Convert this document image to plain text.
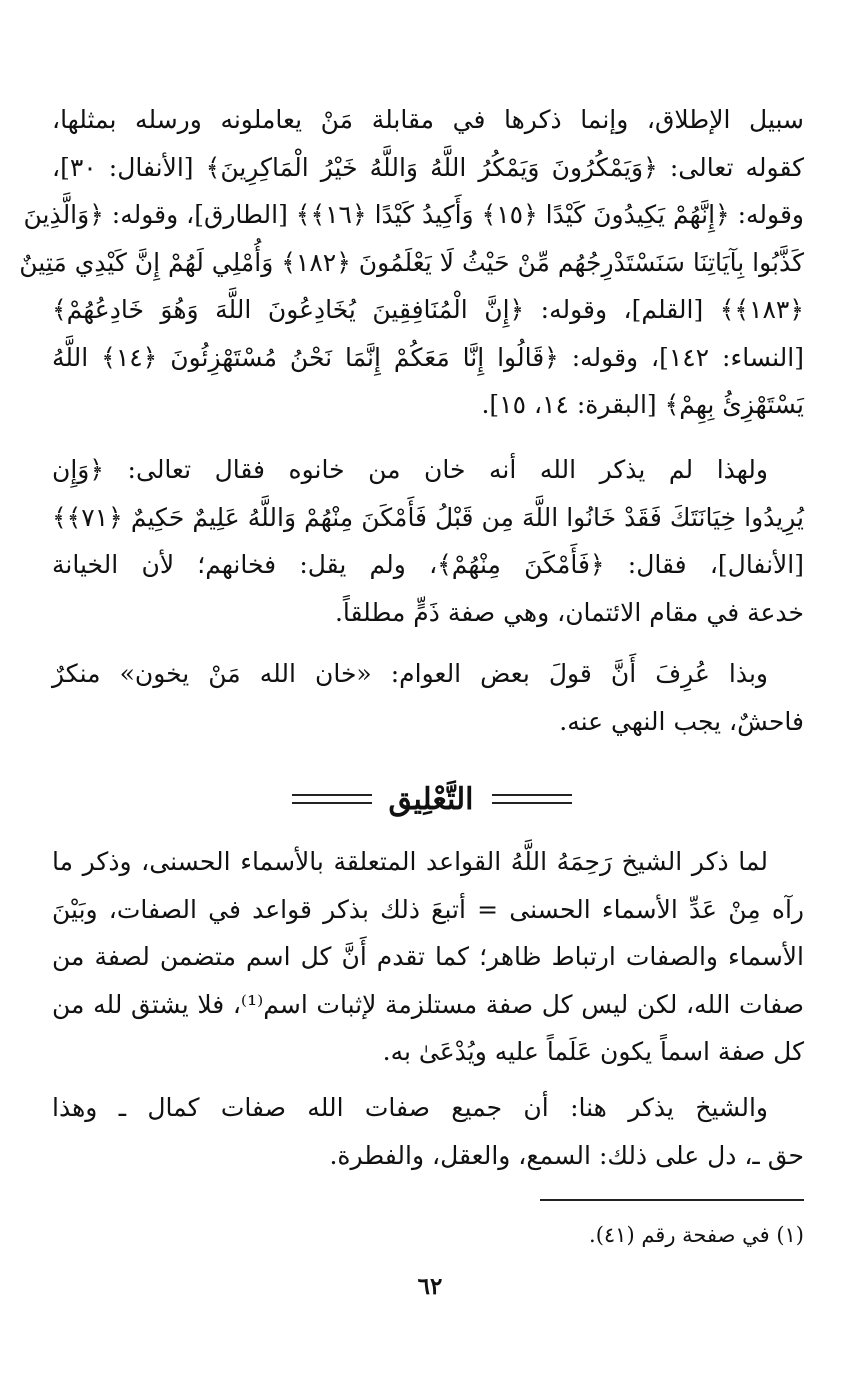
سبيل الإطلاق، وإنما ذكرها في مقابلة مَنْ يعاملونه ورسله بمثلها،
كقوله تعالى: ﴿وَيَمْكُرُونَ وَيَمْكُرُ اللَّهُ وَاللَّهُ خَيْرُ الْمَاكِرِينَ﴾ [الأنفال: ٣٠]،
وقوله: ﴿إِنَّهُمْ يَكِيدُونَ كَيْدًا ﴿١٥﴾ وَأَكِيدُ كَيْدًا ﴿١٦﴾﴾ [الطارق]، وقوله: ﴿وَالَّذِينَ
كَذَّبُوا بِآيَاتِنَا سَنَسْتَدْرِجُهُم مِّنْ حَيْثُ لَا يَعْلَمُونَ ﴿١٨٢﴾ وَأُمْلِي لَهُمْ إِنَّ كَيْدِي مَتِينٌ
﴿١٨٣﴾﴾ [القلم]، وقوله: ﴿إِنَّ الْمُنَافِقِينَ يُخَادِعُونَ اللَّهَ وَهُوَ خَادِعُهُمْ﴾
[النساء: ١٤٢]، وقوله: ﴿قَالُوا إِنَّا مَعَكُمْ إِنَّمَا نَحْنُ مُسْتَهْزِئُونَ ﴿١٤﴾ اللَّهُ
يَسْتَهْزِئُ بِهِمْ﴾ [البقرة: ١٤، ١٥].
ولهذا لم يذكر الله أنه خان من خانوه فقال تعالى: ﴿وَإِن
يُرِيدُوا خِيَانَتَكَ فَقَدْ خَانُوا اللَّهَ مِن قَبْلُ فَأَمْكَنَ مِنْهُمْ وَاللَّهُ عَلِيمٌ حَكِيمٌ ﴿٧١﴾﴾
[الأنفال]، فقال: ﴿فَأَمْكَنَ مِنْهُمْ﴾، ولم يقل: فخانهم؛ لأن الخيانة
خدعة في مقام الائتمان، وهي صفة ذَمٍّ مطلقاً.
وبذا عُرِفَ أَنَّ قولَ بعض العوام: «خان الله مَنْ يخون» منكرٌ
فاحشٌ، يجب النهي عنه.
التَّعْلِيق
لما ذكر الشيخ رَحِمَهُ اللَّهُ القواعد المتعلقة بالأسماء الحسنى، وذكر ما
رآه مِنْ عَدِّ الأسماء الحسنى = أتبعَ ذلك بذكر قواعد في الصفات، وبَيْنَ
الأسماء والصفات ارتباط ظاهر؛ كما تقدم أَنَّ كل اسم متضمن لصفة من
صفات الله، لكن ليس كل صفة مستلزمة لإثبات اسم⁽¹⁾، فلا يشتق لله من
كل صفة اسماً يكون عَلَماً عليه ويُدْعَىٰ به.
والشيخ يذكر هنا: أن جميع صفات الله صفات كمال ـ وهذا
حق ـ، دل على ذلك: السمع، والعقل، والفطرة.
(١) في صفحة رقم (٤١).
٦٢
